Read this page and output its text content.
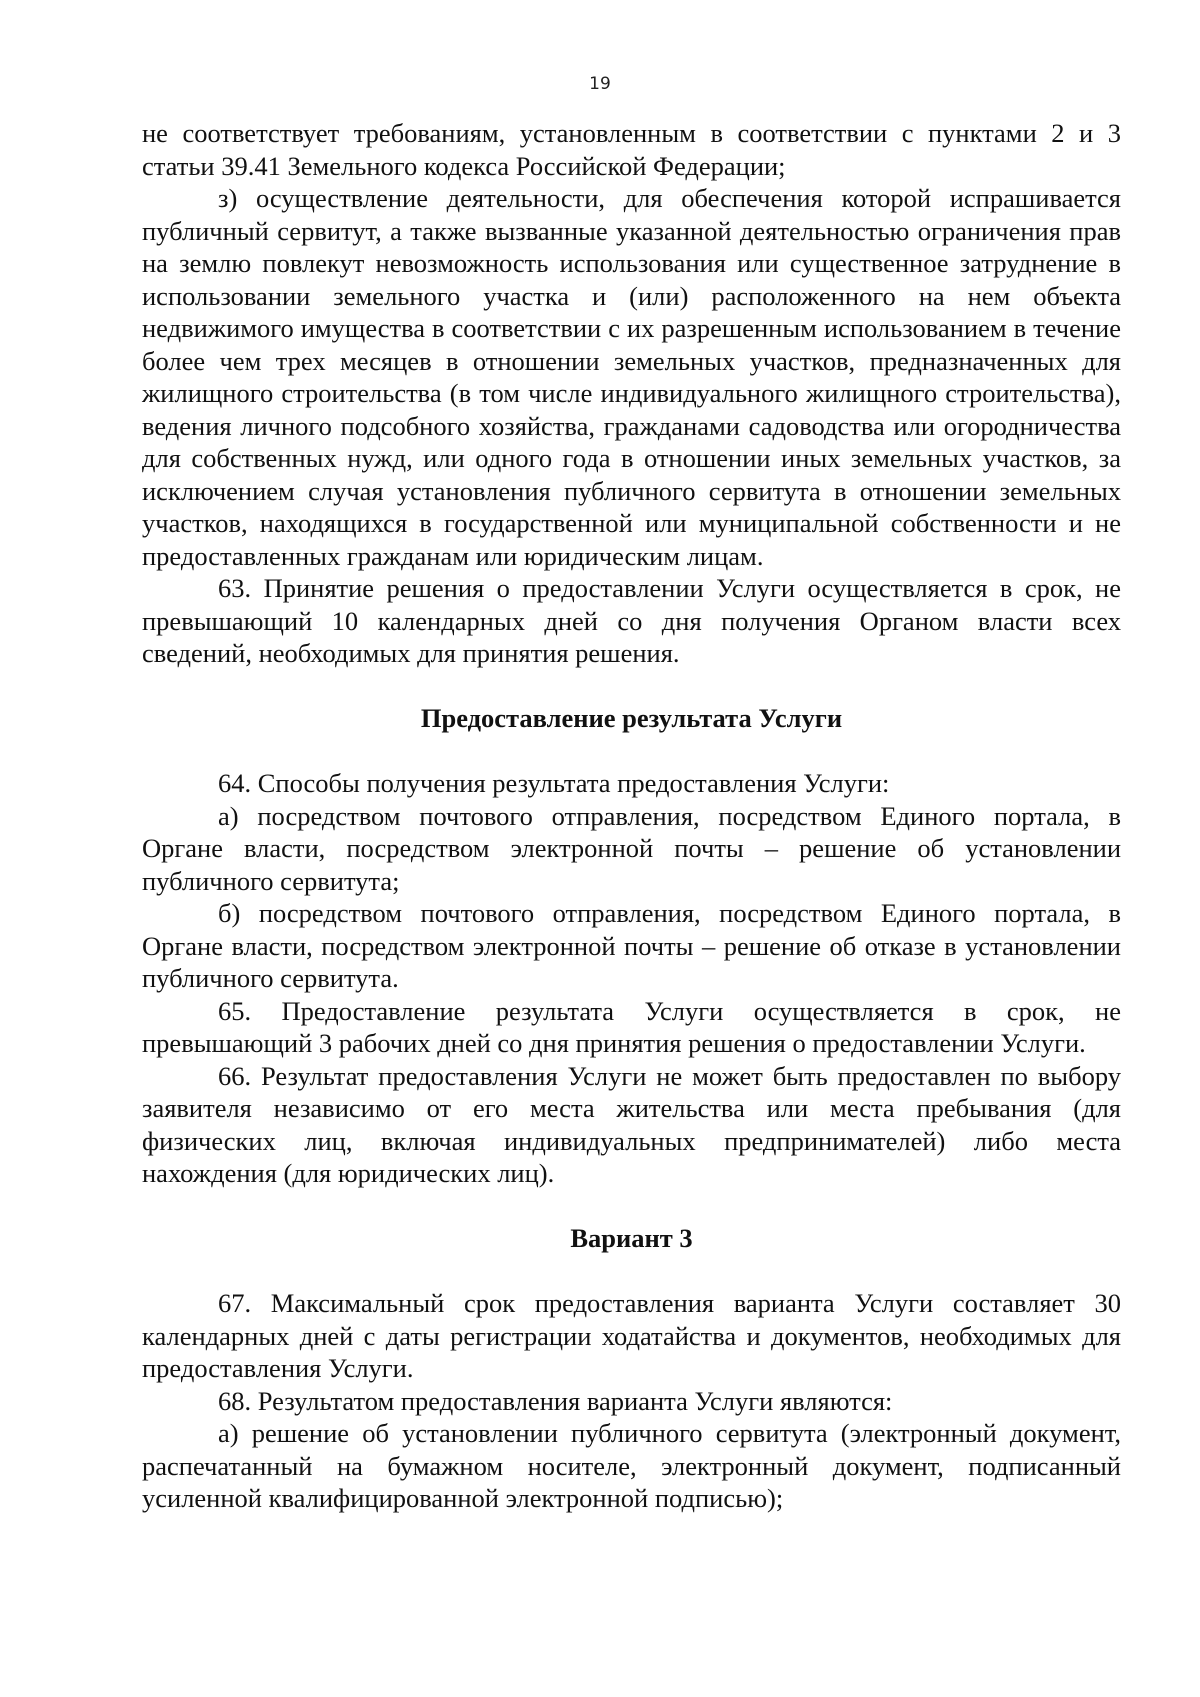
19

не соответствует требованиям, установленным в соответствии с пунктами 2 и 3 статьи 39.41 Земельного кодекса Российской Федерации;

з) осуществление деятельности, для обеспечения которой испрашивается публичный сервитут, а также вызванные указанной деятельностью ограничения прав на землю повлекут невозможность использования или существенное затруднение в использовании земельного участка и (или) расположенного на нем объекта недвижимого имущества в соответствии с их разрешенным использованием в течение более чем трех месяцев в отношении земельных участков, предназначенных для жилищного строительства (в том числе индивидуального жилищного строительства), ведения личного подсобного хозяйства, гражданами садоводства или огородничества для собственных нужд, или одного года в отношении иных земельных участков, за исключением случая установления публичного сервитута в отношении земельных участков, находящихся в государственной или муниципальной собственности и не предоставленных гражданам или юридическим лицам.

63. Принятие решения о предоставлении Услуги осуществляется в срок, не превышающий 10 календарных дней со дня получения Органом власти всех сведений, необходимых для принятия решения.

Предоставление результата Услуги

64. Способы получения результата предоставления Услуги:

а) посредством почтового отправления, посредством Единого портала, в Органе власти, посредством электронной почты – решение об установлении публичного сервитута;

б) посредством почтового отправления, посредством Единого портала, в Органе власти, посредством электронной почты – решение об отказе в установлении публичного сервитута.

65. Предоставление результата Услуги осуществляется в срок, не превышающий 3 рабочих дней со дня принятия решения о предоставлении Услуги.

66. Результат предоставления Услуги не может быть предоставлен по выбору заявителя независимо от его места жительства или места пребывания (для физических лиц, включая индивидуальных предпринимателей) либо места нахождения (для юридических лиц).

Вариант 3

67. Максимальный срок предоставления варианта Услуги составляет 30 календарных дней с даты регистрации ходатайства и документов, необходимых для предоставления Услуги.

68. Результатом предоставления варианта Услуги являются:

а) решение об установлении публичного сервитута (электронный документ, распечатанный на бумажном носителе, электронный документ, подписанный усиленной квалифицированной электронной подписью);
